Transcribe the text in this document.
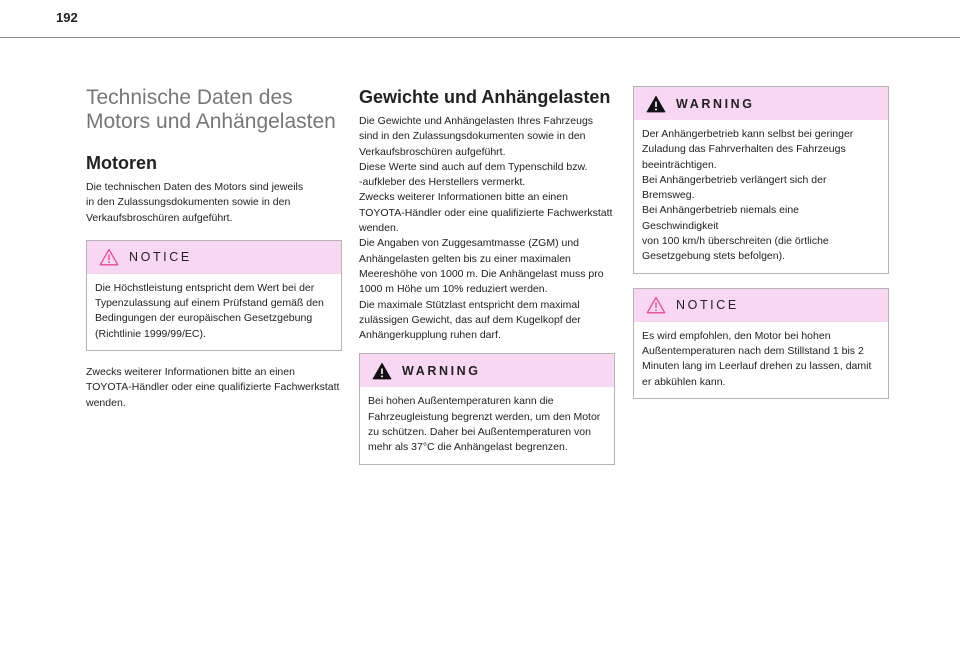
192
Technische Daten des
Motors und Anhängelasten
Motoren

Die technischen Daten des Motors sind jeweils
in den Zulassungsdokumenten sowie in den
Verkaufsbroschüren aufgeführt.

NOTICE

Die Höchstleistung entspricht dem Wert bei der
Typenzulassung auf einem Prüfstand gemäß den
Bedingungen der europäischen Gesetzgebung
(Richtlinie 1999/99/EC).

Zwecks weiterer Informationen bitte an einen
TOYOTA-Händler oder eine qualifizierte Fachwerkstatt
wenden.

Gewichte und Anhängelasten

Die Gewichte und Anhängelasten Ihres Fahrzeugs
sind in den Zulassungsdokumenten sowie in den
Verkaufsbroschüren aufgeführt.
Diese Werte sind auch auf dem Typenschild bzw.
-aufkleber des Herstellers vermerkt.
Zwecks weiterer Informationen bitte an einen
TOYOTA-Händler oder eine qualifizierte Fachwerkstatt
wenden.
Die Angaben von Zuggesamtmasse (ZGM) und
Anhängelasten gelten bis zu einer maximalen
Meereshöhe von 1000 m. Die Anhängelast muss pro
1000 m Höhe um 10% reduziert werden.
Die maximale Stützlast entspricht dem maximal
zulässigen Gewicht, das auf dem Kugelkopf der
Anhängerkupplung ruhen darf.

WARNING

Bei hohen Außentemperaturen kann die
Fahrzeugleistung begrenzt werden, um den Motor
zu schützen. Daher bei Außentemperaturen von
mehr als 37°C die Anhängelast begrenzen.

WARNING

Der Anhängerbetrieb kann selbst bei geringer
Zuladung das Fahrverhalten des Fahrzeugs
beeinträchtigen.
Bei Anhängerbetrieb verlängert sich der
Bremsweg.
Bei Anhängerbetrieb niemals eine Geschwindigkeit
von 100 km/h überschreiten (die örtliche
Gesetzgebung stets befolgen).

NOTICE

Es wird empfohlen, den Motor bei hohen
Außentemperaturen nach dem Stillstand 1 bis 2
Minuten lang im Leerlauf drehen zu lassen, damit
er abkühlen kann.
